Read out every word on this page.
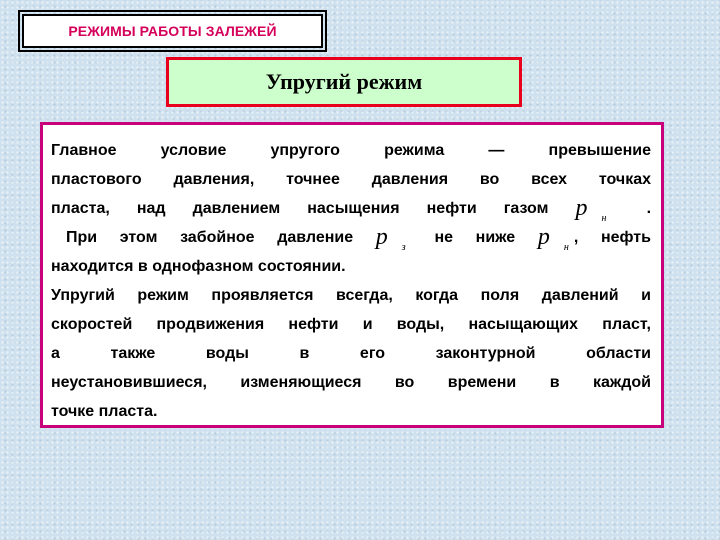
РЕЖИМЫ РАБОТЫ ЗАЛЕЖЕЙ
Упругий режим

Главное условие упругого режима — превышение

пластового давления, точнее давления во всех точках

пласта, над давлением насыщения нефти газом p н
.

При этом забойное давление p з
не ниже p н
, нефть

находится в однофазном состоянии.

Упругий режим проявляется всегда, когда поля давлений и

скоростей продвижения нефти и воды, насыщающих пласт,

а также воды в его законтурной области

неустановившиеся, изменяющиеся во времени в каждой

точке пласта.
